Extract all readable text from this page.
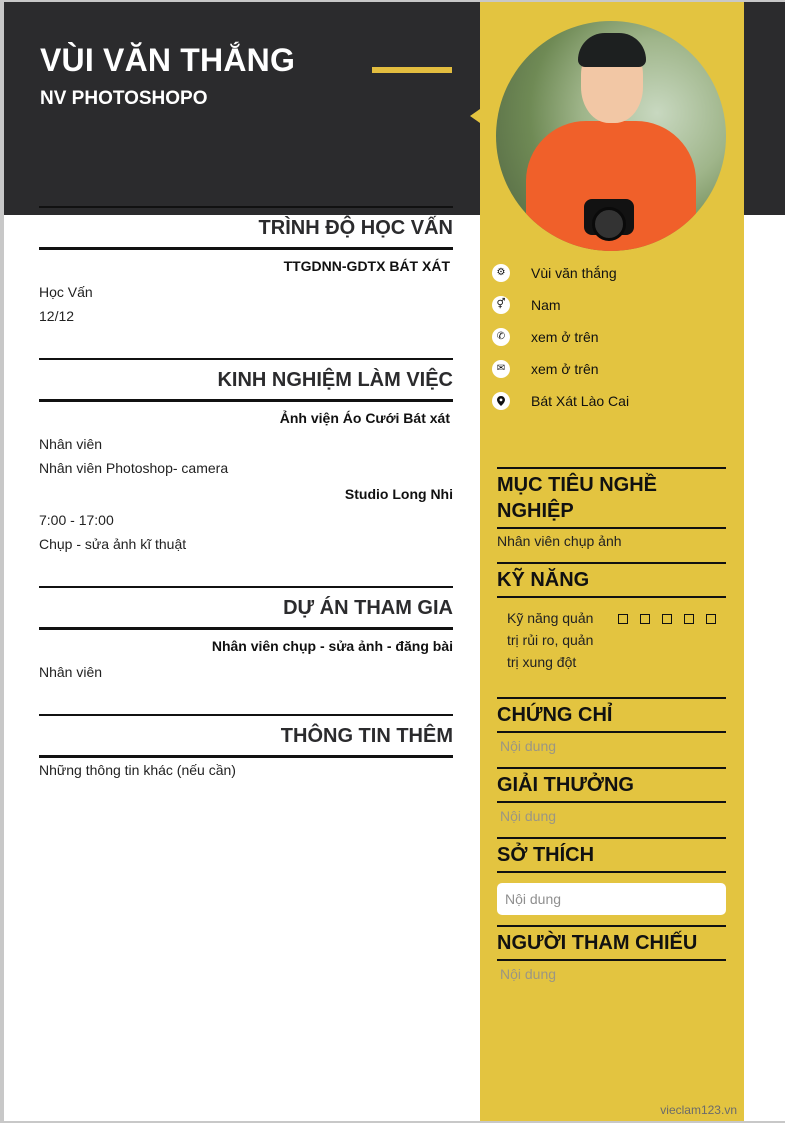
VÙI VĂN THẮNG
NV PHOTOSHOPO
TRÌNH ĐỘ HỌC VẤN
TTGDNN-GDTX BÁT XÁT
Học Vấn
12/12
KINH NGHIỆM LÀM VIỆC
Ảnh viện Áo Cưới Bát xát
Nhân viên
Nhân viên Photoshop- camera
Studio Long Nhi
7:00 - 17:00
Chụp - sửa ảnh kĩ thuật
DỰ ÁN THAM GIA
Nhân viên chụp - sửa ảnh - đăng bài
Nhân viên
THÔNG TIN THÊM
Những thông tin khác (nếu cần)
⚙	Vùi văn thắng
⚥	Nam
✆	xem ở trên
✉	xem ở trên
Bát Xát Lào Cai
MỤC TIÊU NGHỀ NGHIỆP
Nhân viên chụp ảnh
KỸ NĂNG
Kỹ năng quản trị rủi ro, quản trị xung đột
CHỨNG CHỈ
Nội dung
GIẢI THƯỞNG
Nội dung
SỞ THÍCH
Nội dung
NGƯỜI THAM CHIẾU
Nội dung
vieclam123.vn
